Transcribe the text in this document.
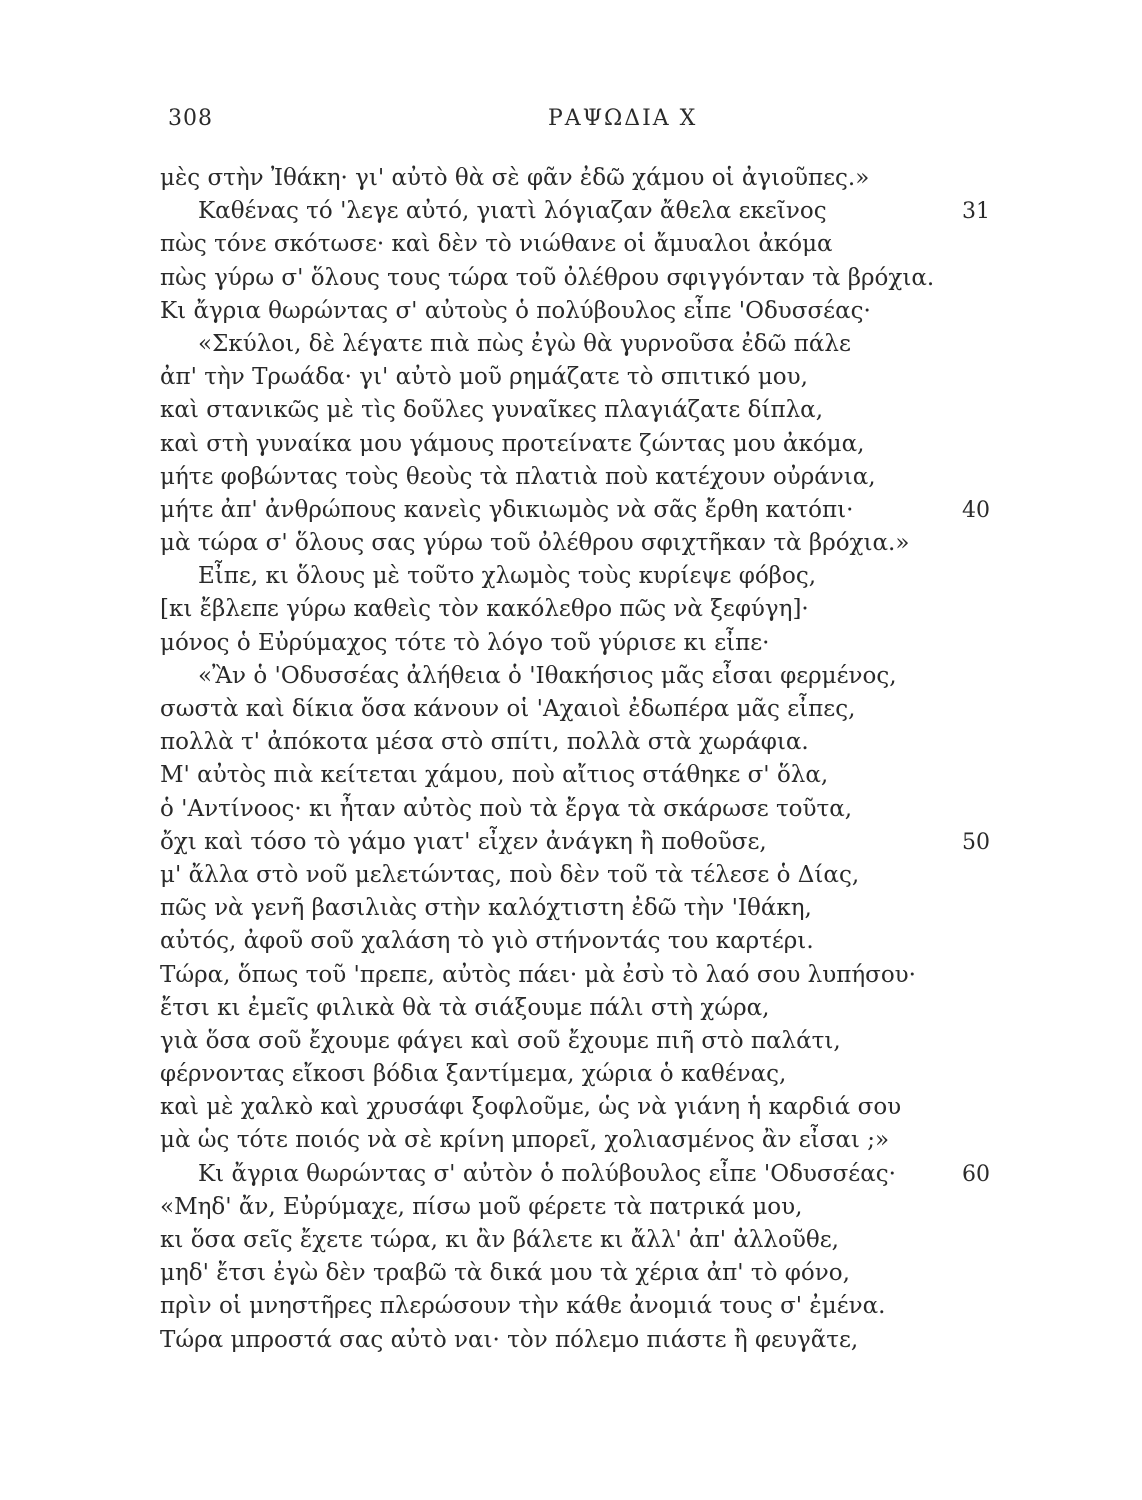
308	ΡΑΨΩΔΙΑ Χ
μὲς στὴν Ἰθάκη· γι' αὐτὸ θὰ σὲ φᾶν ἐδῶ χάμου οἱ ἀγιοῦπες.»
Καθένας τό 'λεγε αὐτό, γιατὶ λόγιαζαν ἄθελα εκεῖνος	31
πὼς τόνε σκότωσε· καὶ δὲν τὸ νιώθανε οἱ ἄμυαλοι ἀκόμα
πὼς γύρω σ' ὅλους τους τώρα τοῦ ὀλέθρου σφιγγόνταν τὰ βρόχια.
Κι ἄγρια θωρώντας σ' αὐτοὺς ὁ πολύβουλος εἶπε 'Οδυσσέας·
«Σκύλοι, δὲ λέγατε πιὰ πὼς ἐγὼ θὰ γυρνοῦσα ἐδῶ πάλε
ἀπ' τὴν Τρωάδα· γι' αὐτὸ μοῦ ρημάζατε τὸ σπιτικό μου,
καὶ στανικῶς μὲ τὶς δοῦλες γυναῖκες πλαγιάζατε δίπλα,
καὶ στὴ γυναίκα μου γάμους προτείνατε ζώντας μου ἀκόμα,
μήτε φοβώντας τοὺς θεοὺς τὰ πλατιὰ ποὺ κατέχουν οὐράνια,
μήτε ἀπ' ἀνθρώπους κανεὶς γδικιωμὸς νὰ σᾶς ἔρθη κατόπι·	40
μὰ τώρα σ' ὅλους σας γύρω τοῦ ὀλέθρου σφιχτῆκαν τὰ βρόχια.»
Εἶπε, κι ὅλους μὲ τοῦτο χλωμὸς τοὺς κυρίεψε φόβος,
[κι ἔβλεπε γύρω καθεὶς τὸν κακόλεθρο πῶς νὰ ξεφύγη]·
μόνος ὁ Εὐρύμαχος τότε τὸ λόγο τοῦ γύρισε κι εἶπε·
«Ἂν ὁ 'Οδυσσέας ἀλήθεια ὁ 'Ιθακήσιος μᾶς εἶσαι φερμένος,
σωστὰ καὶ δίκια ὅσα κάνουν οἱ 'Αχαιοὶ ἐδωπέρα μᾶς εἶπες,
πολλὰ τ' ἀπόκοτα μέσα στὸ σπίτι, πολλὰ στὰ χωράφια.
Μ' αὐτὸς πιὰ κείτεται χάμου, ποὺ αἴτιος στάθηκε σ' ὅλα,
ὁ 'Αντίνοος· κι ἦταν αὐτὸς ποὺ τὰ ἔργα τὰ σκάρωσε τοῦτα,
ὄχι καὶ τόσο τὸ γάμο γιατ' εἶχεν ἀνάγκη ἢ ποθοῦσε,	50
μ' ἄλλα στὸ νοῦ μελετώντας, ποὺ δὲν τοῦ τὰ τέλεσε ὁ Δίας,
πῶς νὰ γενῆ βασιλιὰς στὴν καλόχτιστη ἐδῶ τὴν 'Ιθάκη,
αὐτός, ἀφοῦ σοῦ χαλάση τὸ γιὸ στήνοντάς του καρτέρι.
Τώρα, ὅπως τοῦ 'πρεπε, αὐτὸς πάει· μὰ ἐσὺ τὸ λαό σου λυπήσου·
ἔτσι κι ἐμεῖς φιλικὰ θὰ τὰ σιάξουμε πάλι στὴ χώρα,
γιὰ ὅσα σοῦ ἔχουμε φάγει καὶ σοῦ ἔχουμε πιῆ στὸ παλάτι,
φέρνοντας εἴκοσι βόδια ξαντίμεμα, χώρια ὁ καθένας,
καὶ μὲ χαλκὸ καὶ χρυσάφι ξοφλοῦμε, ὡς νὰ γιάνη ἡ καρδιά σου
μὰ ὡς τότε ποιός νὰ σὲ κρίνη μπορεῖ, χολιασμένος ἂν εἶσαι ;»
Κι ἄγρια θωρώντας σ' αὐτὸν ὁ πολύβουλος εἶπε 'Οδυσσέας·	60
«Μηδ' ἄν, Εὐρύμαχε, πίσω μοῦ φέρετε τὰ πατρικά μου,
κι ὅσα σεῖς ἔχετε τώρα, κι ἂν βάλετε κι ἄλλ' ἀπ' ἀλλοῦθε,
μηδ' ἔτσι ἐγὼ δὲν τραβῶ τὰ δικά μου τὰ χέρια ἀπ' τὸ φόνο,
πρὶν οἱ μνηστῆρες πλερώσουν τὴν κάθε ἀνομιά τους σ' ἐμένα.
Τώρα μπροστά σας αὐτὸ ναι· τὸν πόλεμο πιάστε ἢ φευγᾶτε,
